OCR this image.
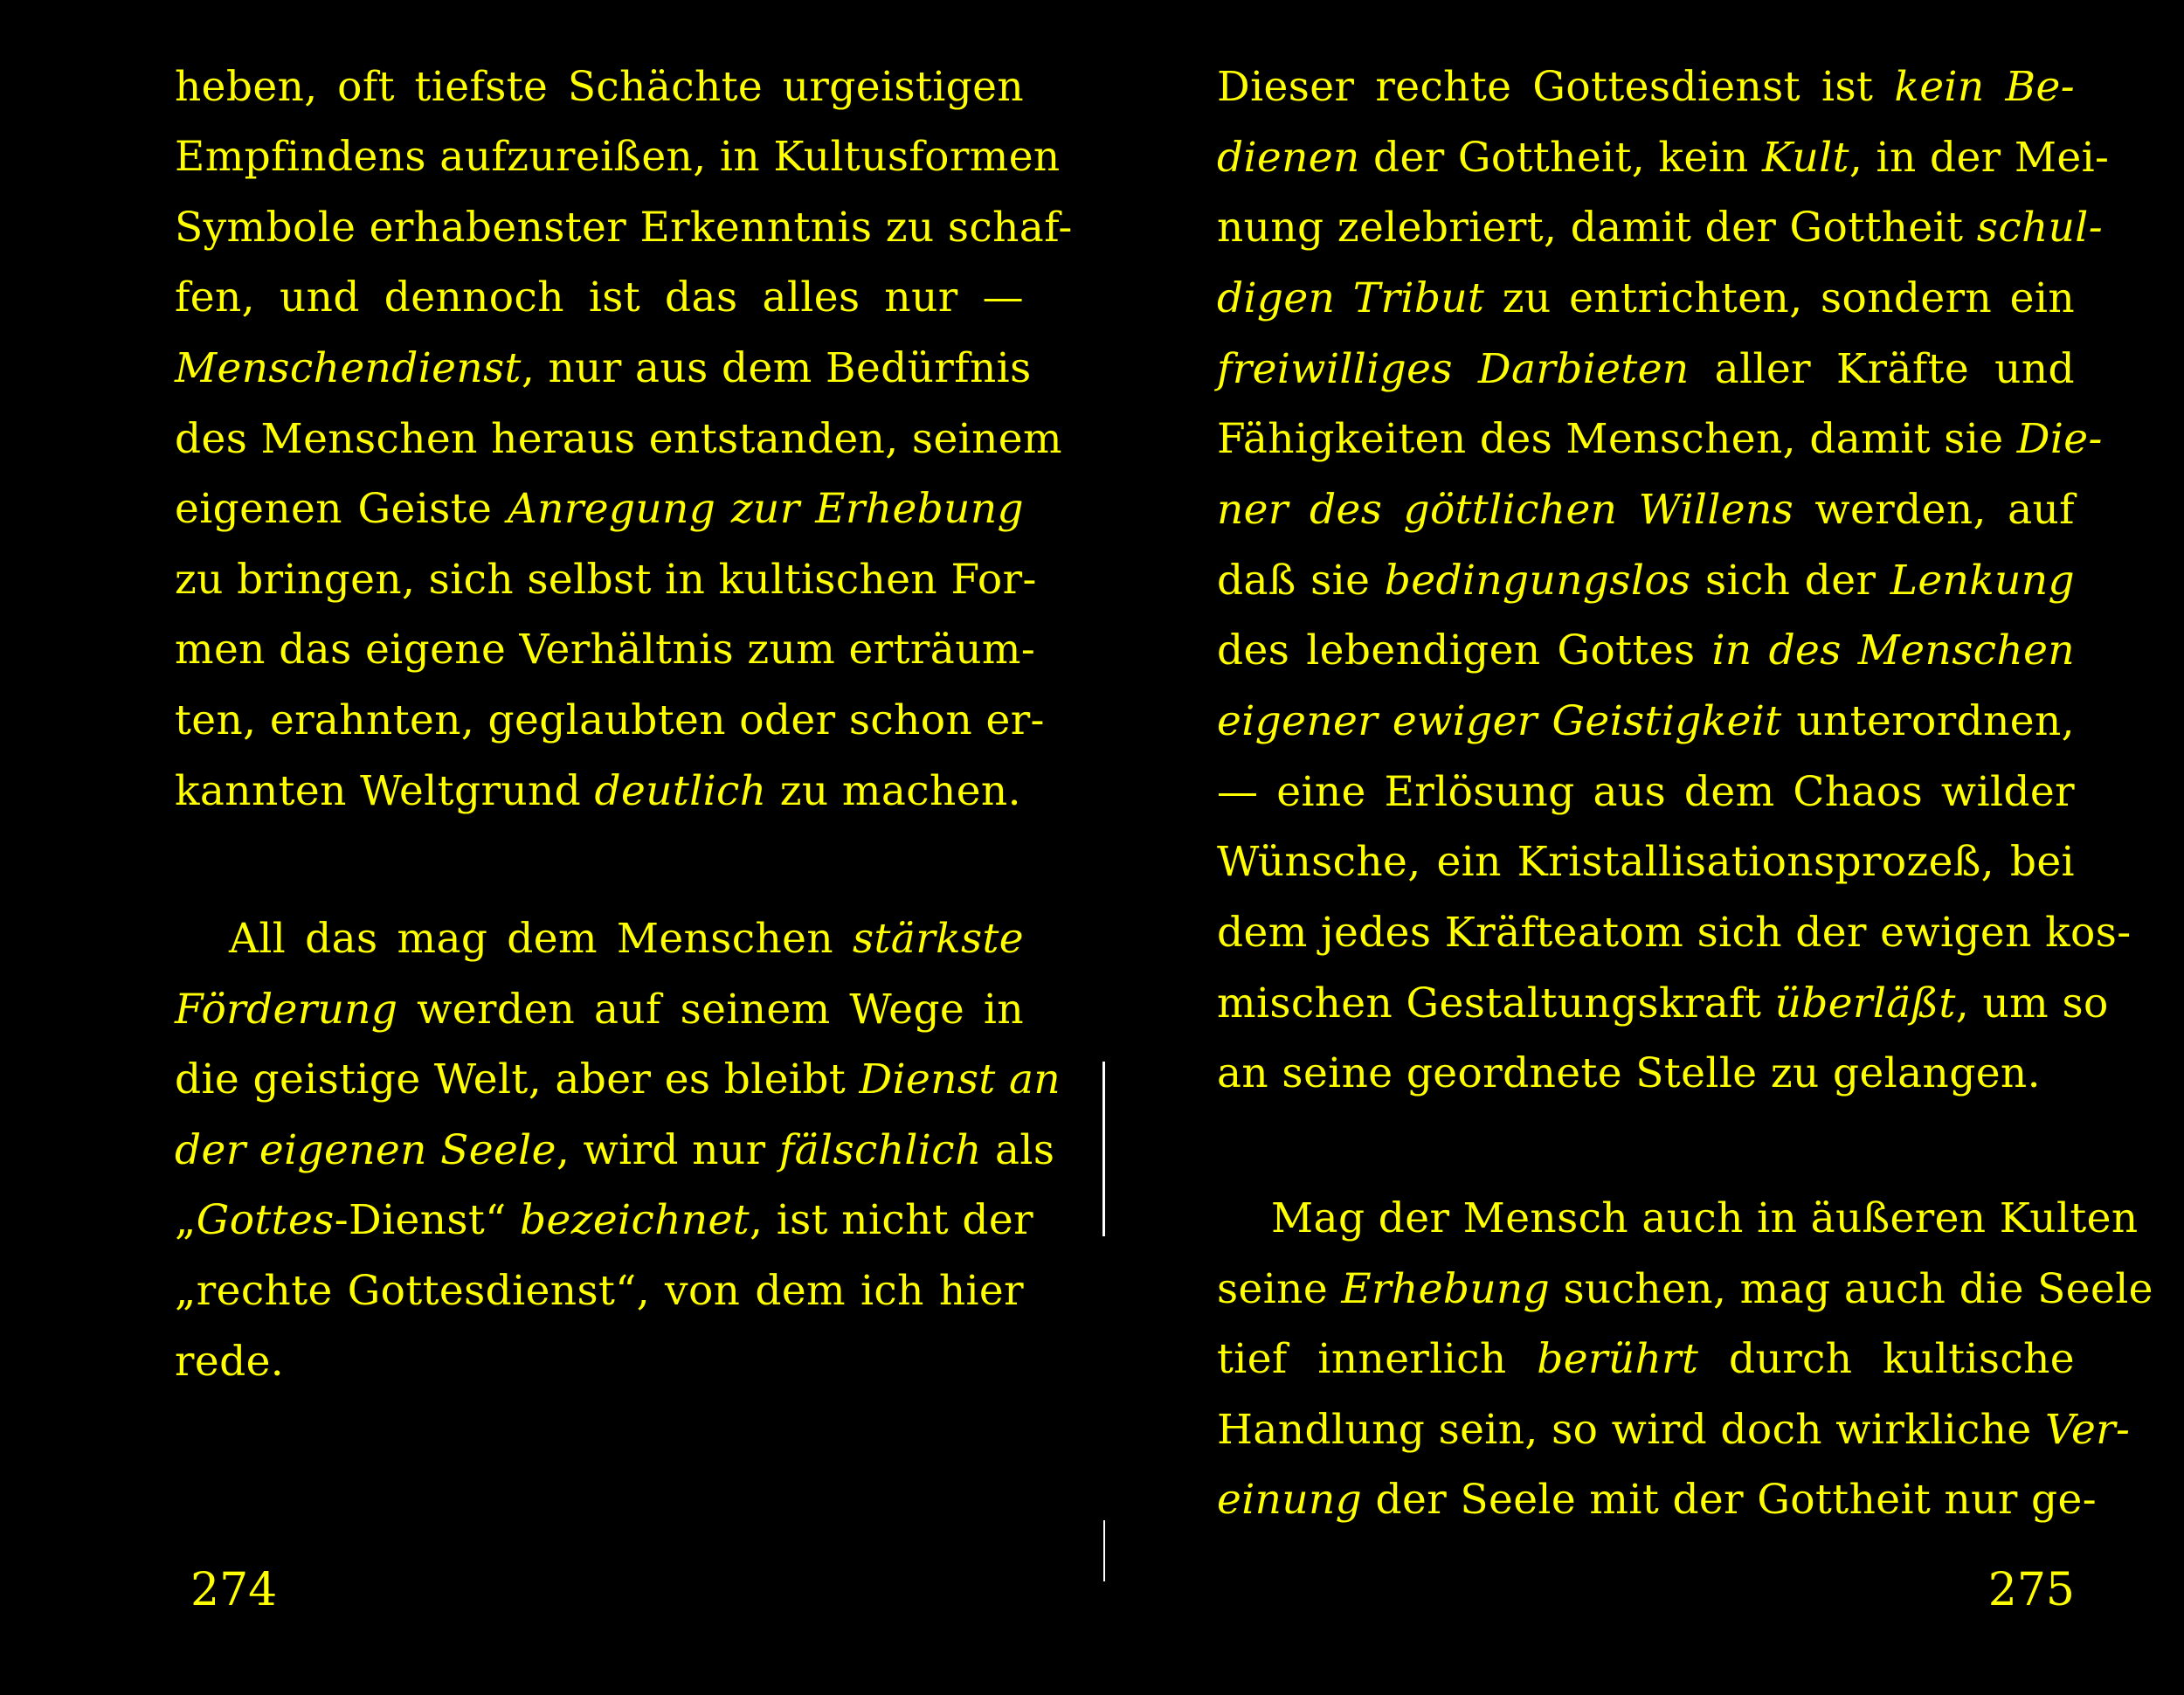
heben, oft tiefste Schächte urgeistigen
Empfindens aufzureißen, in Kultusformen
Symbole erhabenster Erkenntnis zu schaf-
fen, und dennoch ist das alles nur —
Menschendienst, nur aus dem Bedürfnis
des Menschen heraus entstanden, seinem
eigenen Geiste Anregung zur Erhebung
zu bringen, sich selbst in kultischen For-
men das eigene Verhältnis zum erträum-
ten, erahnten, geglaubten oder schon er-
kannten Weltgrund deutlich zu machen.
All das mag dem Menschen stärkste
Förderung werden auf seinem Wege in
die geistige Welt, aber es bleibt Dienst an
der eigenen Seele, wird nur fälschlich als
„Gottes-Dienst“ bezeichnet, ist nicht der
„rechte Gottesdienst“, von dem ich hier
rede.
274
Dieser rechte Gottesdienst ist kein Be-
dienen der Gottheit, kein Kult, in der Mei-
nung zelebriert, damit der Gottheit schul-
digen Tribut zu entrichten, sondern ein
freiwilliges Darbieten aller Kräfte und
Fähigkeiten des Menschen, damit sie Die-
ner des göttlichen Willens werden, auf
daß sie bedingungslos sich der Lenkung
des lebendigen Gottes in des Menschen
eigener ewiger Geistigkeit unterordnen,
— eine Erlösung aus dem Chaos wilder
Wünsche, ein Kristallisationsprozeß, bei
dem jedes Kräfteatom sich der ewigen kos-
mischen Gestaltungskraft überläßt, um so
an seine geordnete Stelle zu gelangen.
Mag der Mensch auch in äußeren Kulten
seine Erhebung suchen, mag auch die Seele
tief innerlich berührt durch kultische
Handlung sein, so wird doch wirkliche Ver-
einung der Seele mit der Gottheit nur ge-
275
